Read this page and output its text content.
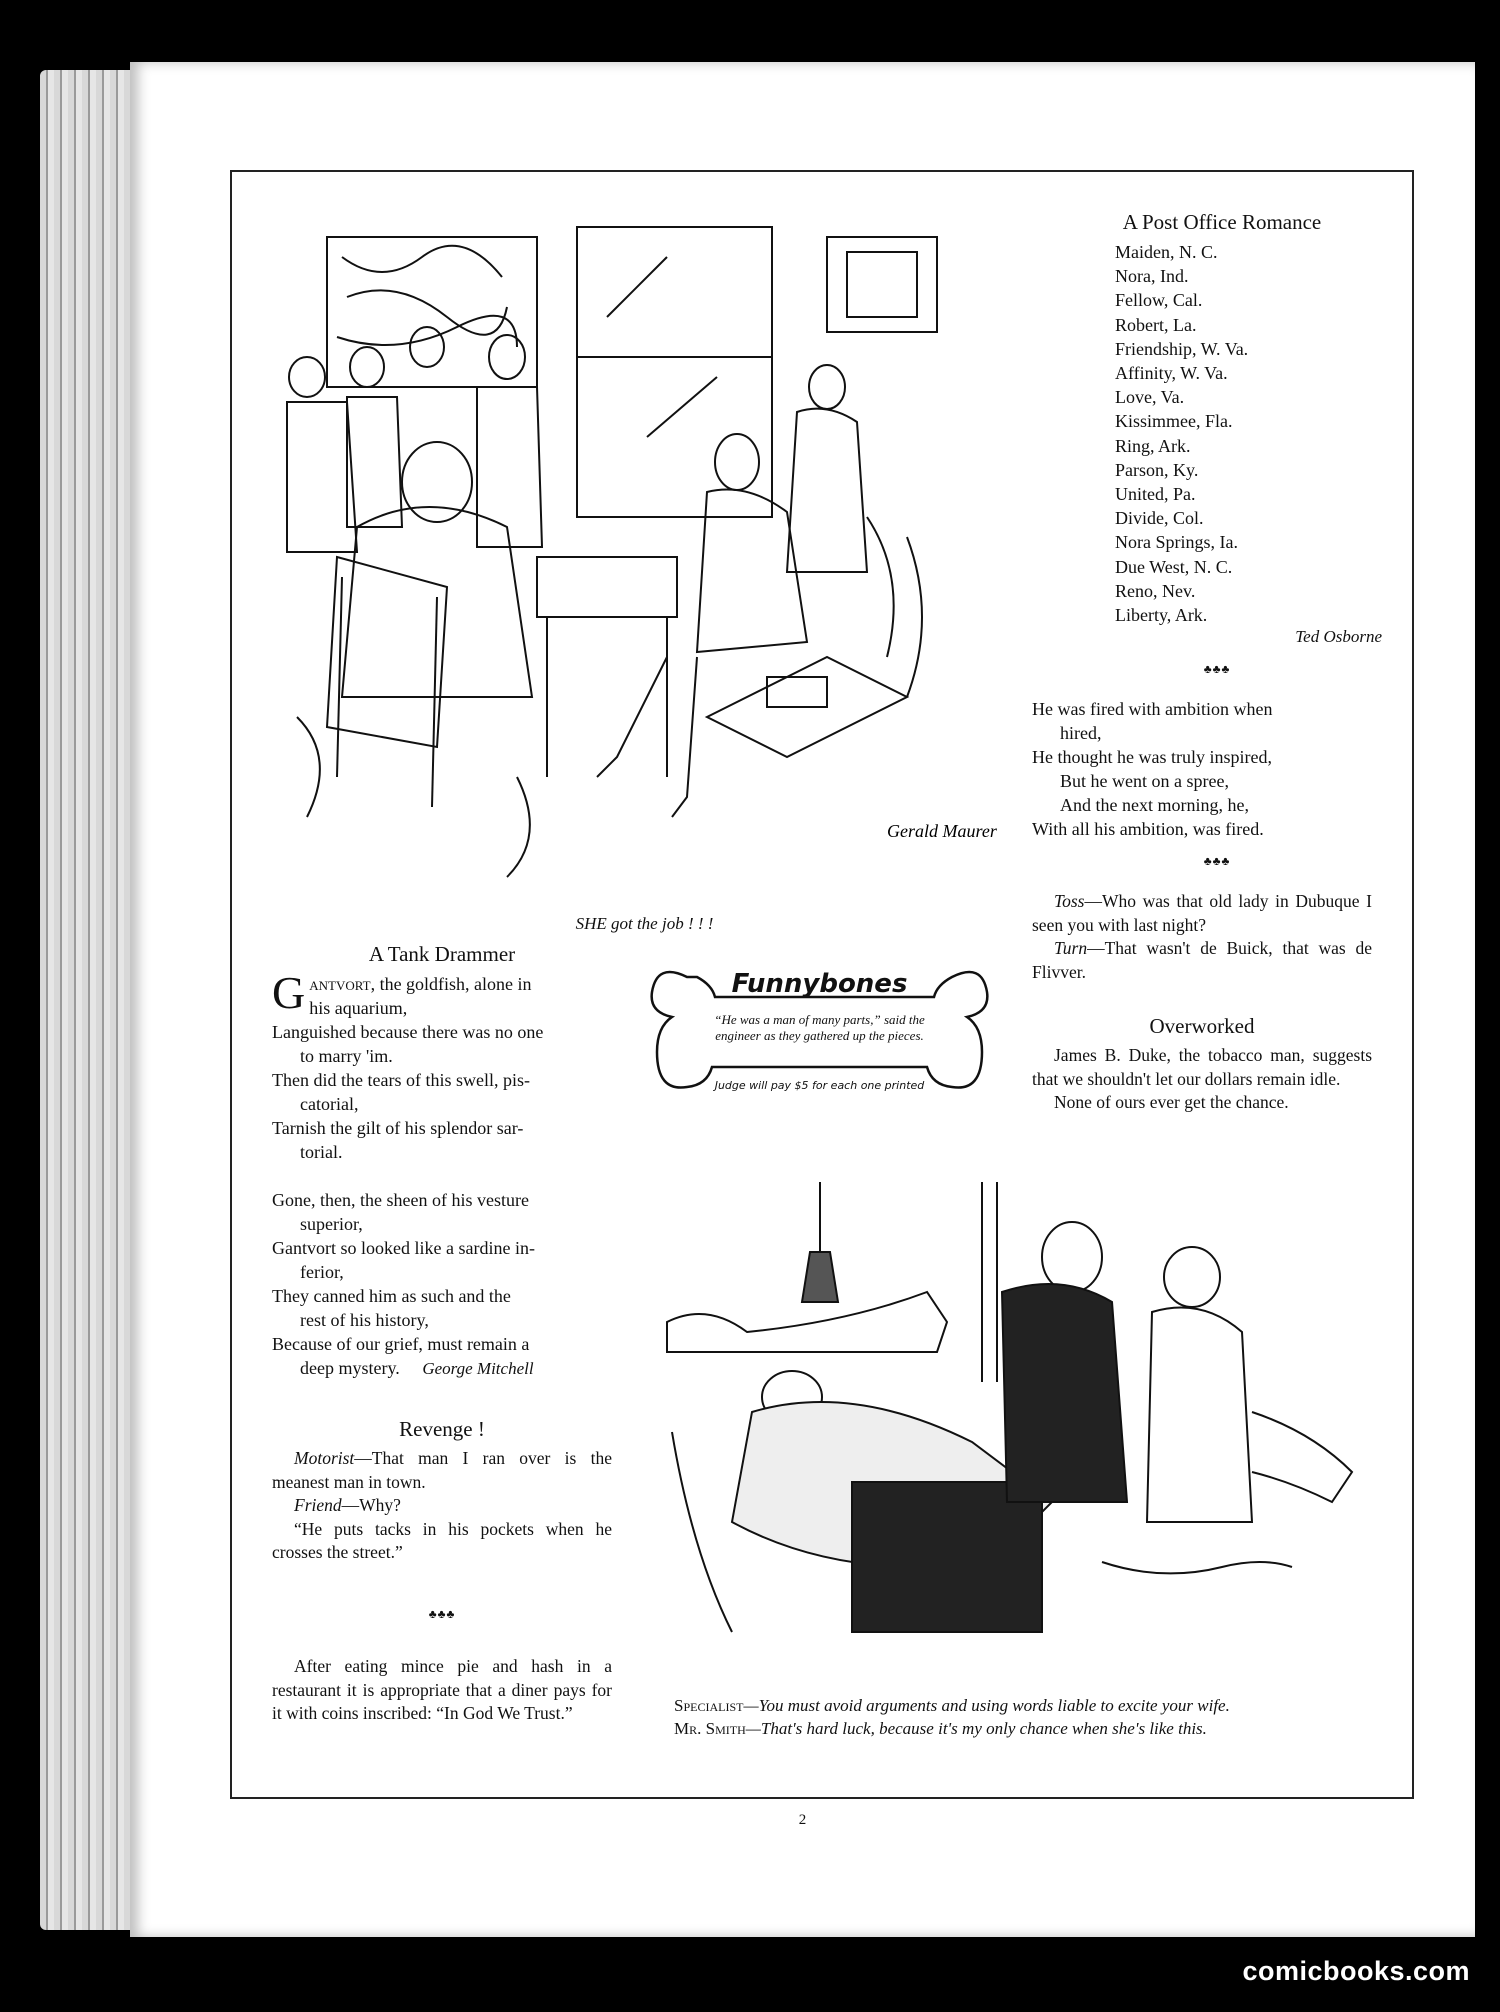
Gerald Maurer
SHE got the job ! ! !
A Post Office Romance
Maiden, N. C.
Nora, Ind.
Fellow, Cal.
Robert, La.
Friendship, W. Va.
Affinity, W. Va.
Love, Va.
Kissimmee, Fla.
Ring, Ark.
Parson, Ky.
United, Pa.
Divide, Col.
Nora Springs, Ia.
Due West, N. C.
Reno, Nev.
Liberty, Ark.
Ted Osborne
♣♣♣
He was fired with ambition when
hired,
He thought he was truly inspired,
But he went on a spree,
And the next morning, he,
With all his ambition, was fired.
♣♣♣

Toss—Who was that old lady in Dubuque I seen you with last night?

Turn—That wasn't de Buick, that was de Flivver.

Overworked

James B. Duke, the tobacco man, suggests that we shouldn't let our dollars remain idle.

None of ours ever get the chance.

Funnybones
“He was a man of many parts,” said the engineer as they gathered up the pieces.
Judge will pay $5 for each one printed
A Tank Drammer
Gantvort, the goldfish, alone in
his aquarium,
Languished because there was no one
to marry 'im.
Then did the tears of this swell, pis-
catorial,
Tarnish the gilt of his splendor sar-
torial.
Gone, then, the sheen of his vesture
superior,
Gantvort so looked like a sardine in-
ferior,
They canned him as such and the
rest of his history,
Because of our grief, must remain a
deep mystery. George Mitchell
Revenge !

Motorist—That man I ran over is the meanest man in town.

Friend—Why?

“He puts tacks in his pockets when he crosses the street.”

♣♣♣

After eating mince pie and hash in a restaurant it is appropriate that a diner pays for it with coins inscribed: “In God We Trust.”	Specialist—You must avoid arguments and using words liable to excite your wife.

Mr. Smith—That's hard luck, because it's my only chance when she's like this.

2
comicbooks.com
